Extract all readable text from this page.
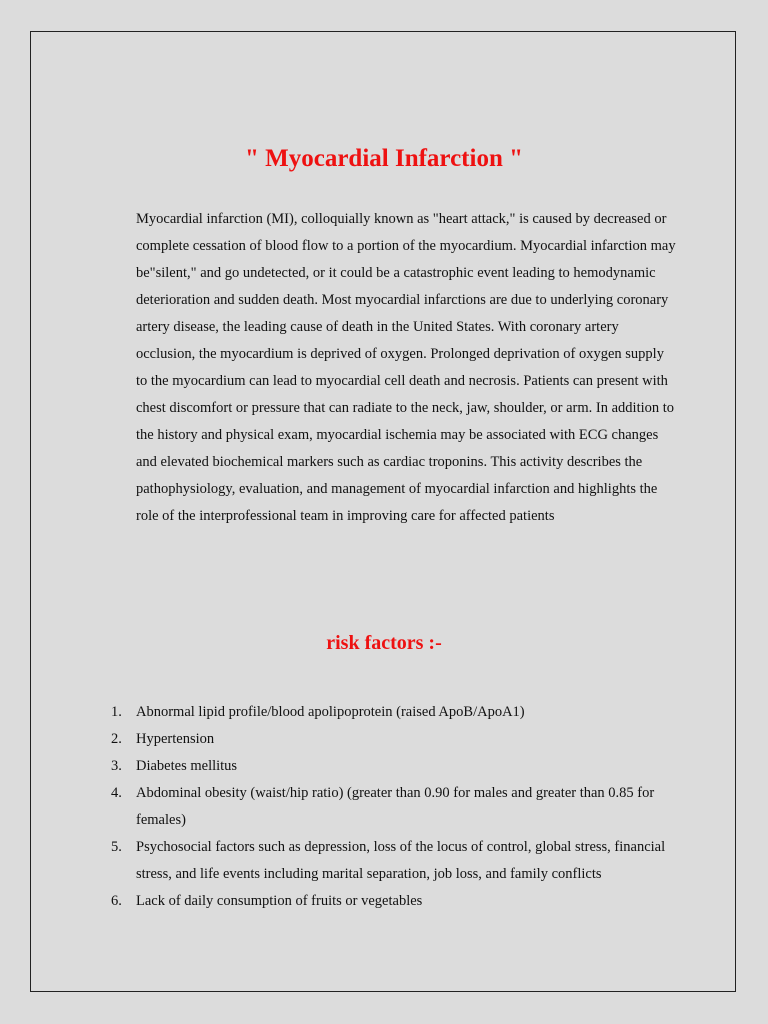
" Myocardial Infarction "

Myocardial infarction (MI), colloquially known as "heart attack," is caused by decreased or complete cessation of blood flow to a portion of the myocardium. Myocardial infarction may be"silent," and go undetected, or it could be a catastrophic event leading to hemodynamic deterioration and sudden death. Most myocardial infarctions are due to underlying coronary artery disease, the leading cause of death in the United States. With coronary artery occlusion, the myocardium is deprived of oxygen. Prolonged deprivation of oxygen supply to the myocardium can lead to myocardial cell death and necrosis. Patients can present with chest discomfort or pressure that can radiate to the neck, jaw, shoulder, or arm. In addition to the history and physical exam, myocardial ischemia may be associated with ECG changes and elevated biochemical markers such as cardiac troponins. This activity describes the pathophysiology, evaluation, and management of myocardial infarction and highlights the role of the interprofessional team in improving care for affected patients

risk factors :-
1. Abnormal lipid profile/blood apolipoprotein (raised ApoB/ApoA1)
2. Hypertension
3. Diabetes mellitus
4. Abdominal obesity (waist/hip ratio) (greater than 0.90 for males and greater than 0.85 for females)
5. Psychosocial factors such as depression, loss of the locus of control, global stress, financial stress, and life events including marital separation, job loss, and family conflicts
6. Lack of daily consumption of fruits or vegetables
